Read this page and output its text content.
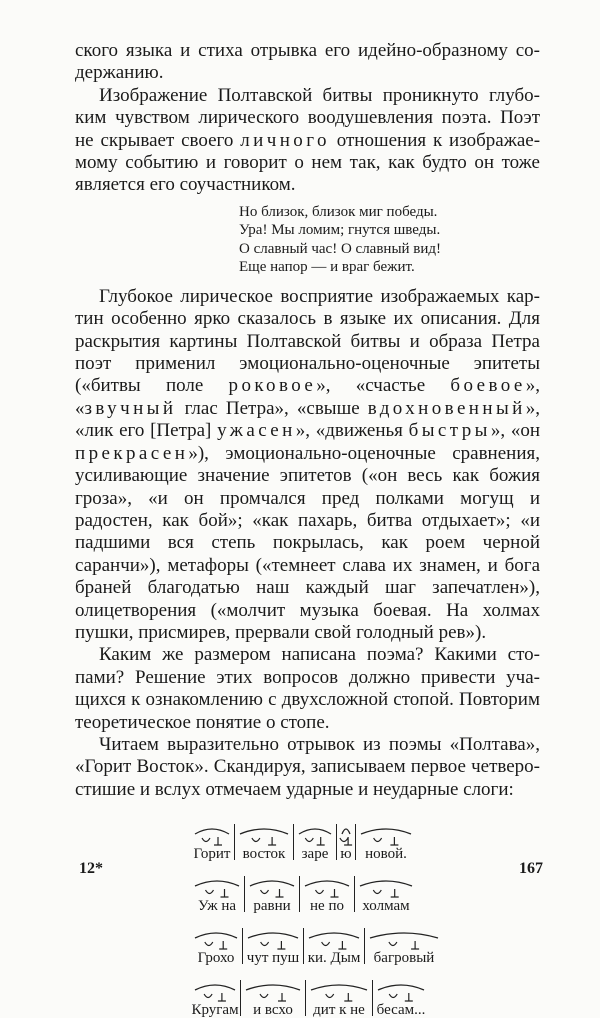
ского языка и стиха отрывка его идейно-образному содержанию.

Изображение Полтавской битвы проникнуто глубоким чувством лирического воодушевления поэта. Поэт не скрывает своего личного отношения к изображаемому событию и говорит о нем так, как будто он тоже является его соучастником.

Но близок, близок миг победы.
Ура! Мы ломим; гнутся шведы.
О славный час! О славный вид!
Еще напор — и враг бежит.

Глубокое лирическое восприятие изображаемых картин особенно ярко сказалось в языке их описания. Для раскрытия картины Полтавской битвы и образа Петра поэт применил эмоционально-оценочные эпитеты («битвы поле роковое», «счастье боевое», «звучный глас Петра», «свыше вдохновенный», «лик его [Петра] ужасен», «движенья быстры», «он прекрасен»), эмоционально-оценочные сравнения, усиливающие значение эпитетов («он весь как божия гроза», «и он промчался пред полками могущ и радостен, как бой»; «как пахарь, битва отдыхает»; «и падшими вся степь покрылась, как роем черной саранчи»), метафоры («темнеет слава их знамен, и бога браней благодатью наш каждый шаг запечатлен»), олицетворения («молчит музыка боевая. На холмах пушки, присмирев, прервали свой голодный рев»).

Каким же размером написана поэма? Какими стопами? Решение этих вопросов должно привести учащихся к ознакомлению с двухсложной стопой. Повторим теоретическое понятие о стопе.

Читаем выразительно отрывок из поэмы «Полтава», «Горит Восток». Скандируя, записываем первое четверостишие и вслух отмечаем ударные и неударные слоги:

Горит восток заре ю новой.
Уж на равни не по холмам
Грохо чут пуш ки. Дым багровый
Кругам и всхо дит к не бесам...
12*	167
